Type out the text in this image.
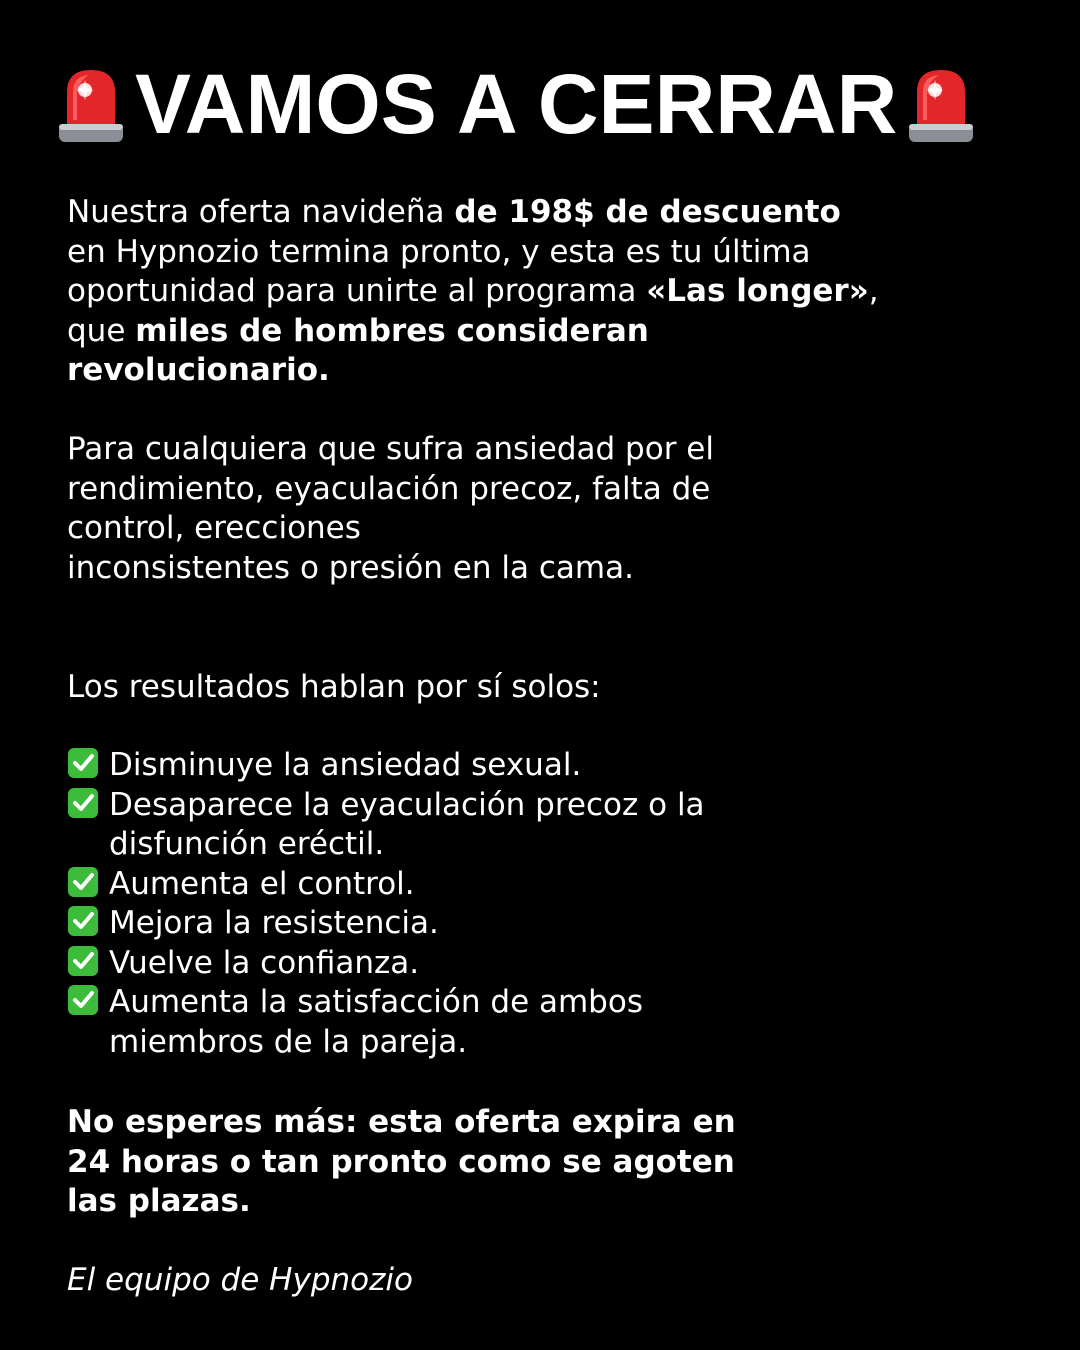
VAMOS A CERRAR
Nuestra oferta navideña de 198$ de descuento en Hypnozio termina pronto, y esta es tu última oportunidad para unirte al programa «Las longer», que miles de hombres consideran revolucionario.
Para cualquiera que sufra ansiedad por el rendimiento, eyaculación precoz, falta de control, erecciones
inconsistentes o presión en la cama.
Los resultados hablan por sí solos:
Disminuye la ansiedad sexual.
Desaparece la eyaculación precoz o la disfunción eréctil.
Aumenta el control.
Mejora la resistencia.
Vuelve la confianza.
Aumenta la satisfacción de ambos miembros de la pareja.
No esperes más: esta oferta expira en
24 horas o tan pronto como se agoten
las plazas.
El equipo de Hypnozio
